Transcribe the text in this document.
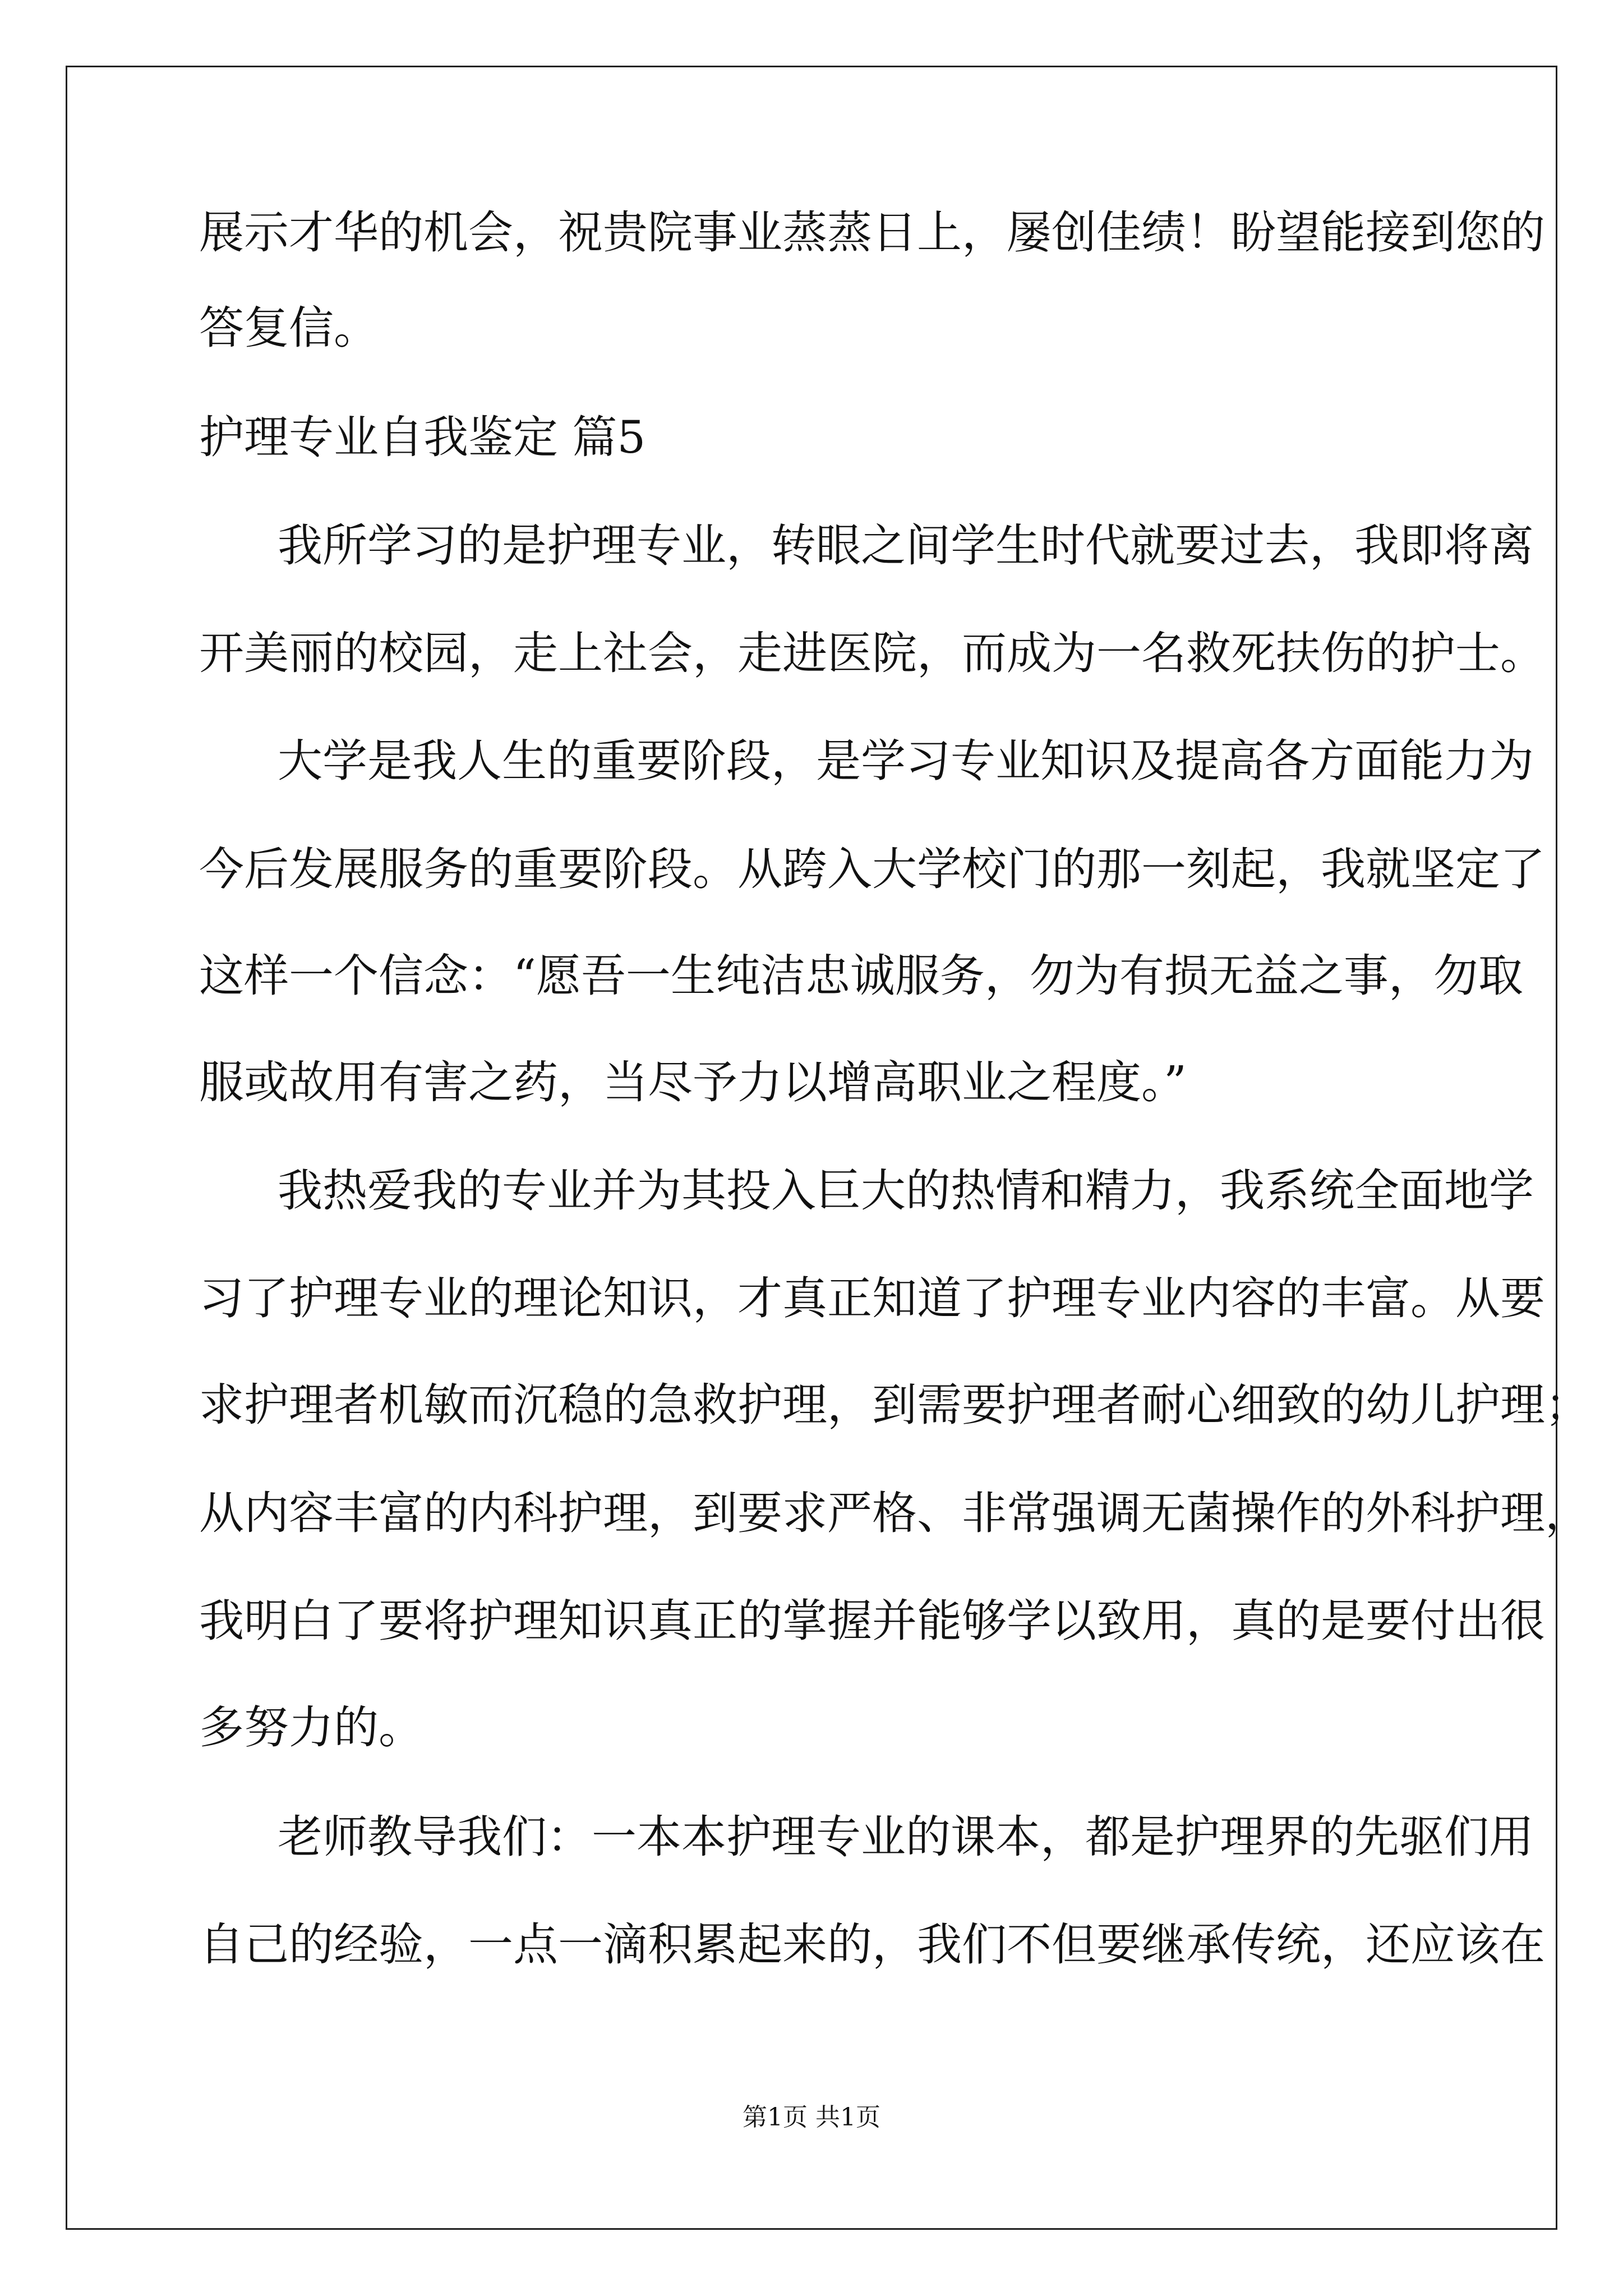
展示才华的机会，祝贵院事业蒸蒸日上，屡创佳绩！盼望能接到您的
答复信。
护理专业自我鉴定 篇5
我所学习的是护理专业，转眼之间学生时代就要过去，我即将离
开美丽的校园，走上社会，走进医院，而成为一名救死扶伤的护士。
大学是我人生的重要阶段，是学习专业知识及提高各方面能力为
今后发展服务的重要阶段。从跨入大学校门的那一刻起，我就坚定了
这样一个信念：“愿吾一生纯洁忠诚服务，勿为有损无益之事，勿取
服或故用有害之药，当尽予力以增高职业之程度。”
我热爱我的专业并为其投入巨大的热情和精力，我系统全面地学
习了护理专业的理论知识，才真正知道了护理专业内容的丰富。从要
求护理者机敏而沉稳的急救护理，到需要护理者耐心细致的幼儿护理；
从内容丰富的内科护理，到要求严格、非常强调无菌操作的外科护理，
我明白了要将护理知识真正的掌握并能够学以致用，真的是要付出很
多努力的。
老师教导我们：一本本护理专业的课本，都是护理界的先驱们用
自己的经验，一点一滴积累起来的，我们不但要继承传统，还应该在
第1页 共1页
